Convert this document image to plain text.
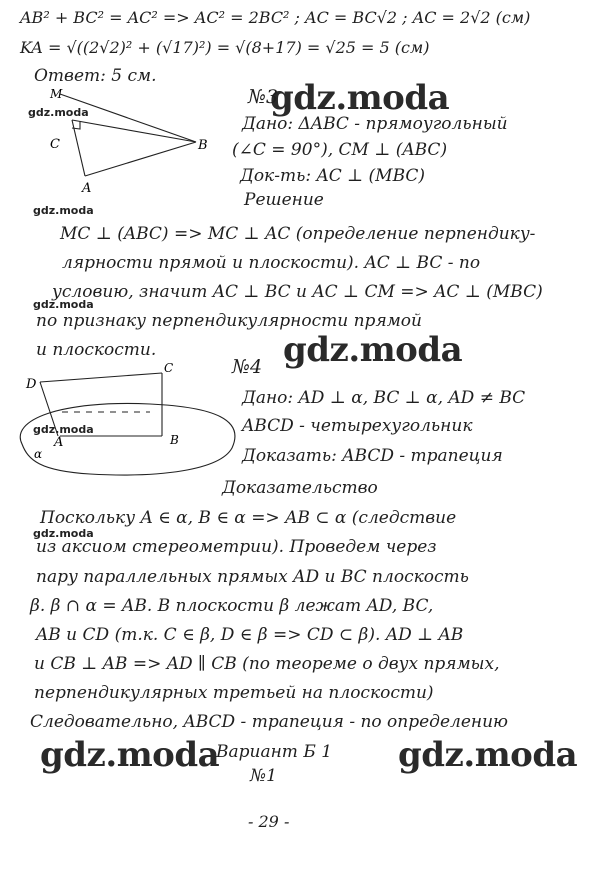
AB² + BC² = AC² => AC² = 2BC² ; AC = BC√2 ; AC = 2√2 (см)
KA = √((2√2)² + (√17)²) = √(8+17) = √25 = 5 (см)
Ответ: 5 см.
gdz.moda
gdz.moda
gdz.moda
gdz.moda
gdz.moda
gdz.moda
gdz.moda
gdz.moda	gdz.moda
№3
Дано: ΔABC - прямоугольный
(∠C = 90°), CM ⊥ (ABC)
Док-ть: AC ⊥ (MBC)
Решение
M
C	B
A
MC ⊥ (ABC) => MC ⊥ AC (определение перпендику-
лярности прямой и плоскости). AC ⊥ BC - по
условию, значит AC ⊥ BC и AC ⊥ CM => AC ⊥ (MBC)
по признаку перпендикулярности прямой
и плоскости.
№4
Дано: AD ⊥ α, BC ⊥ α, AD ≠ BC
ABCD - четырехугольник
Доказать: ABCD - трапеция
Доказательство
D
C
A	B
α
Поскольку A ∈ α, B ∈ α => AB ⊂ α (следствие
из аксиом стереометрии). Проведем через
пару параллельных прямых AD и BC плоскость
β. β ∩ α = AB. В плоскости β лежат AD, BC,
AB и CD (т.к. C ∈ β, D ∈ β => CD ⊂ β). AD ⊥ AB
и CB ⊥ AB => AD ∥ CB (по теореме о двух прямых,
перпендикулярных третьей на плоскости)
Следовательно, ABCD - трапеция - по определению
Вариант Б 1
№1
- 29 -
